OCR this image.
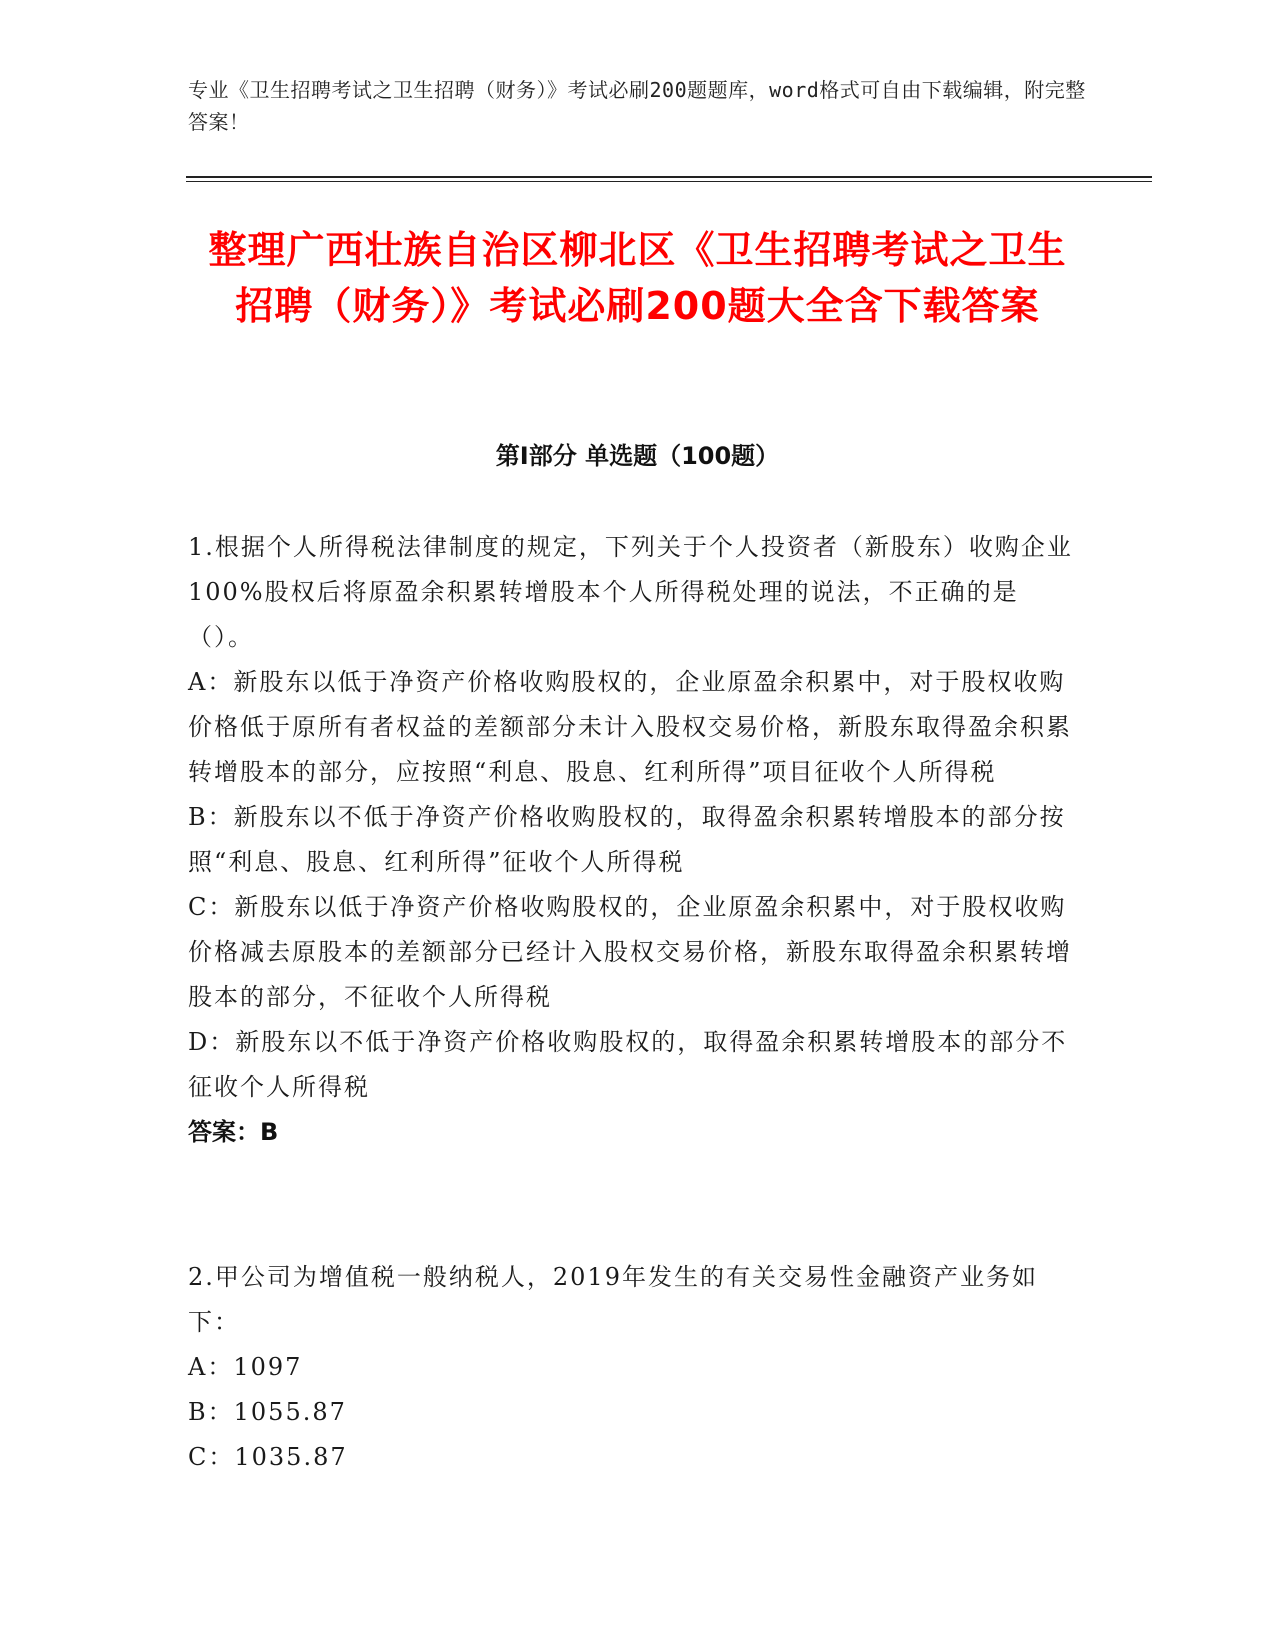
专业《卫生招聘考试之卫生招聘（财务）》考试必刷200题题库，word格式可自由下载编辑，附完整答案！
整理广西壮族自治区柳北区《卫生招聘考试之卫生招聘（财务）》考试必刷200题大全含下载答案
第Ⅰ部分 单选题（100题）

1.根据个人所得税法律制度的规定，下列关于个人投资者（新股东）收购企业100%股权后将原盈余积累转增股本个人所得税处理的说法，不正确的是（）。

A：新股东以低于净资产价格收购股权的，企业原盈余积累中，对于股权收购价格低于原所有者权益的差额部分未计入股权交易价格，新股东取得盈余积累转增股本的部分，应按照“利息、股息、红利所得”项目征收个人所得税

B：新股东以不低于净资产价格收购股权的，取得盈余积累转增股本的部分按照“利息、股息、红利所得”征收个人所得税

C：新股东以低于净资产价格收购股权的，企业原盈余积累中，对于股权收购价格减去原股本的差额部分已经计入股权交易价格，新股东取得盈余积累转增股本的部分，不征收个人所得税

D：新股东以不低于净资产价格收购股权的，取得盈余积累转增股本的部分不征收个人所得税

答案：B

2.甲公司为增值税一般纳税人，2019年发生的有关交易性金融资产业务如下：

A：1097

B：1055.87

C：1035.87
